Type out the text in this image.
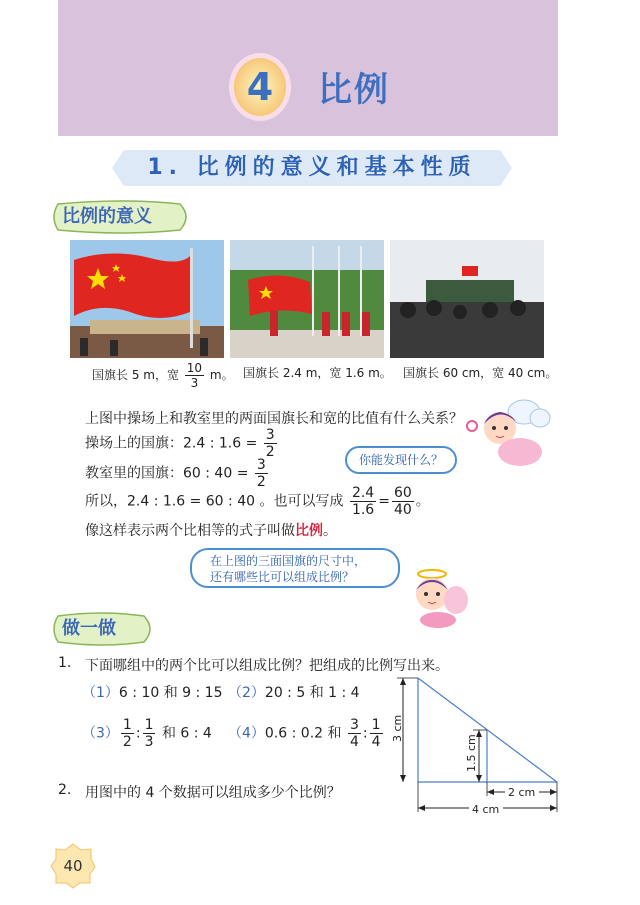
4	比例
1. 比例的意义和基本性质
比例的意义
国旗长 5 m，宽 $\frac{10}{3}$ m。 国旗长 2.4 m，宽 1.6 m。 国旗长 60 cm，宽 40 cm。
上图中操场上和教室里的两面国旗长和宽的比值有什么关系？
操场上的国旗：2.4 : $1.6 = \frac{3}{2}$
教室里的国旗：60 : $40 = \frac{3}{2}$
所以，2.4 : 1.6 = 60 : 40 。也可以写成 $\frac{2.4}{1.6} = \frac{60}{40}$ 。
像这样表示两个比相等的式子叫做比例。
你能发现什么？
在上图的三面国旗的尺寸中，
还有哪些比可以组成比例？
做一做
1. 下面哪组中的两个比可以组成比例？把组成的比例写出来。
（1）6 : 10 和 9 : 15 （2）20 : 5 和 1 : 4
$(3) \frac{1}{2}$ : $\frac{1}{3}$ 和 6 : 4 （4）0.6 : 0.2 和 $\frac{3}{4}$ : $\frac{1}{4}$
2. 用图中的 4 个数据可以组成多少个比例？
3 cm
1.5 cm
2 cm
4 cm
40
